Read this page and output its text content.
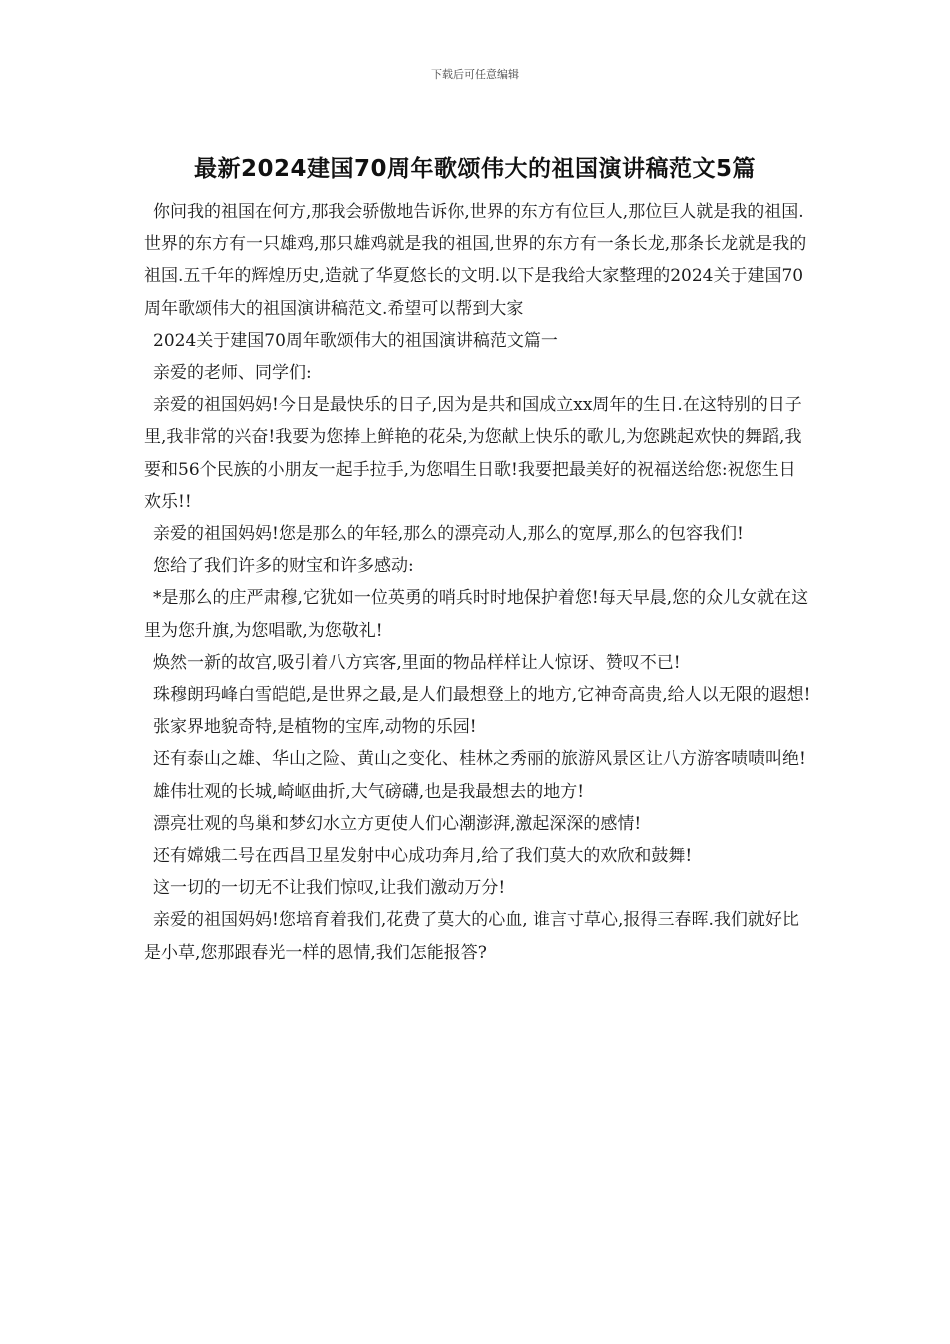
下载后可任意编辑
最新2024建国70周年歌颂伟大的祖国演讲稿范文5篇

你问我的祖国在何方,那我会骄傲地告诉你,世界的东方有位巨人,那位巨人就是我的祖国.世界的东方有一只雄鸡,那只雄鸡就是我的祖国,世界的东方有一条长龙,那条长龙就是我的祖国.五千年的辉煌历史,造就了华夏悠长的文明.以下是我给大家整理的2024关于建国70周年歌颂伟大的祖国演讲稿范文.希望可以帮到大家

2024关于建国70周年歌颂伟大的祖国演讲稿范文篇一

亲爱的老师、同学们:

亲爱的祖国妈妈!今日是最快乐的日子,因为是共和国成立xx周年的生日.在这特别的日子里,我非常的兴奋!我要为您捧上鲜艳的花朵,为您献上快乐的歌儿,为您跳起欢快的舞蹈,我要和56个民族的小朋友一起手拉手,为您唱生日歌!我要把最美好的祝福送给您:祝您生日欢乐!!

亲爱的祖国妈妈!您是那么的年轻,那么的漂亮动人,那么的宽厚,那么的包容我们!

您给了我们许多的财宝和许多感动:

*是那么的庄严肃穆,它犹如一位英勇的哨兵时时地保护着您!每天早晨,您的众儿女就在这里为您升旗,为您唱歌,为您敬礼!

焕然一新的故宫,吸引着八方宾客,里面的物品样样让人惊讶、赞叹不已!

珠穆朗玛峰白雪皑皑,是世界之最,是人们最想登上的地方,它神奇高贵,给人以无限的遐想!

张家界地貌奇特,是植物的宝库,动物的乐园!

还有泰山之雄、华山之险、黄山之变化、桂林之秀丽的旅游风景区让八方游客啧啧叫绝!

雄伟壮观的长城,崎岖曲折,大气磅礴,也是我最想去的地方!

漂亮壮观的鸟巢和梦幻水立方更使人们心潮澎湃,激起深深的感情!

还有嫦娥二号在西昌卫星发射中心成功奔月,给了我们莫大的欢欣和鼓舞!

这一切的一切无不让我们惊叹,让我们激动万分!

亲爱的祖国妈妈!您培育着我们,花费了莫大的心血, 谁言寸草心,报得三春晖.我们就好比是小草,您那跟春光一样的恩情,我们怎能报答?
